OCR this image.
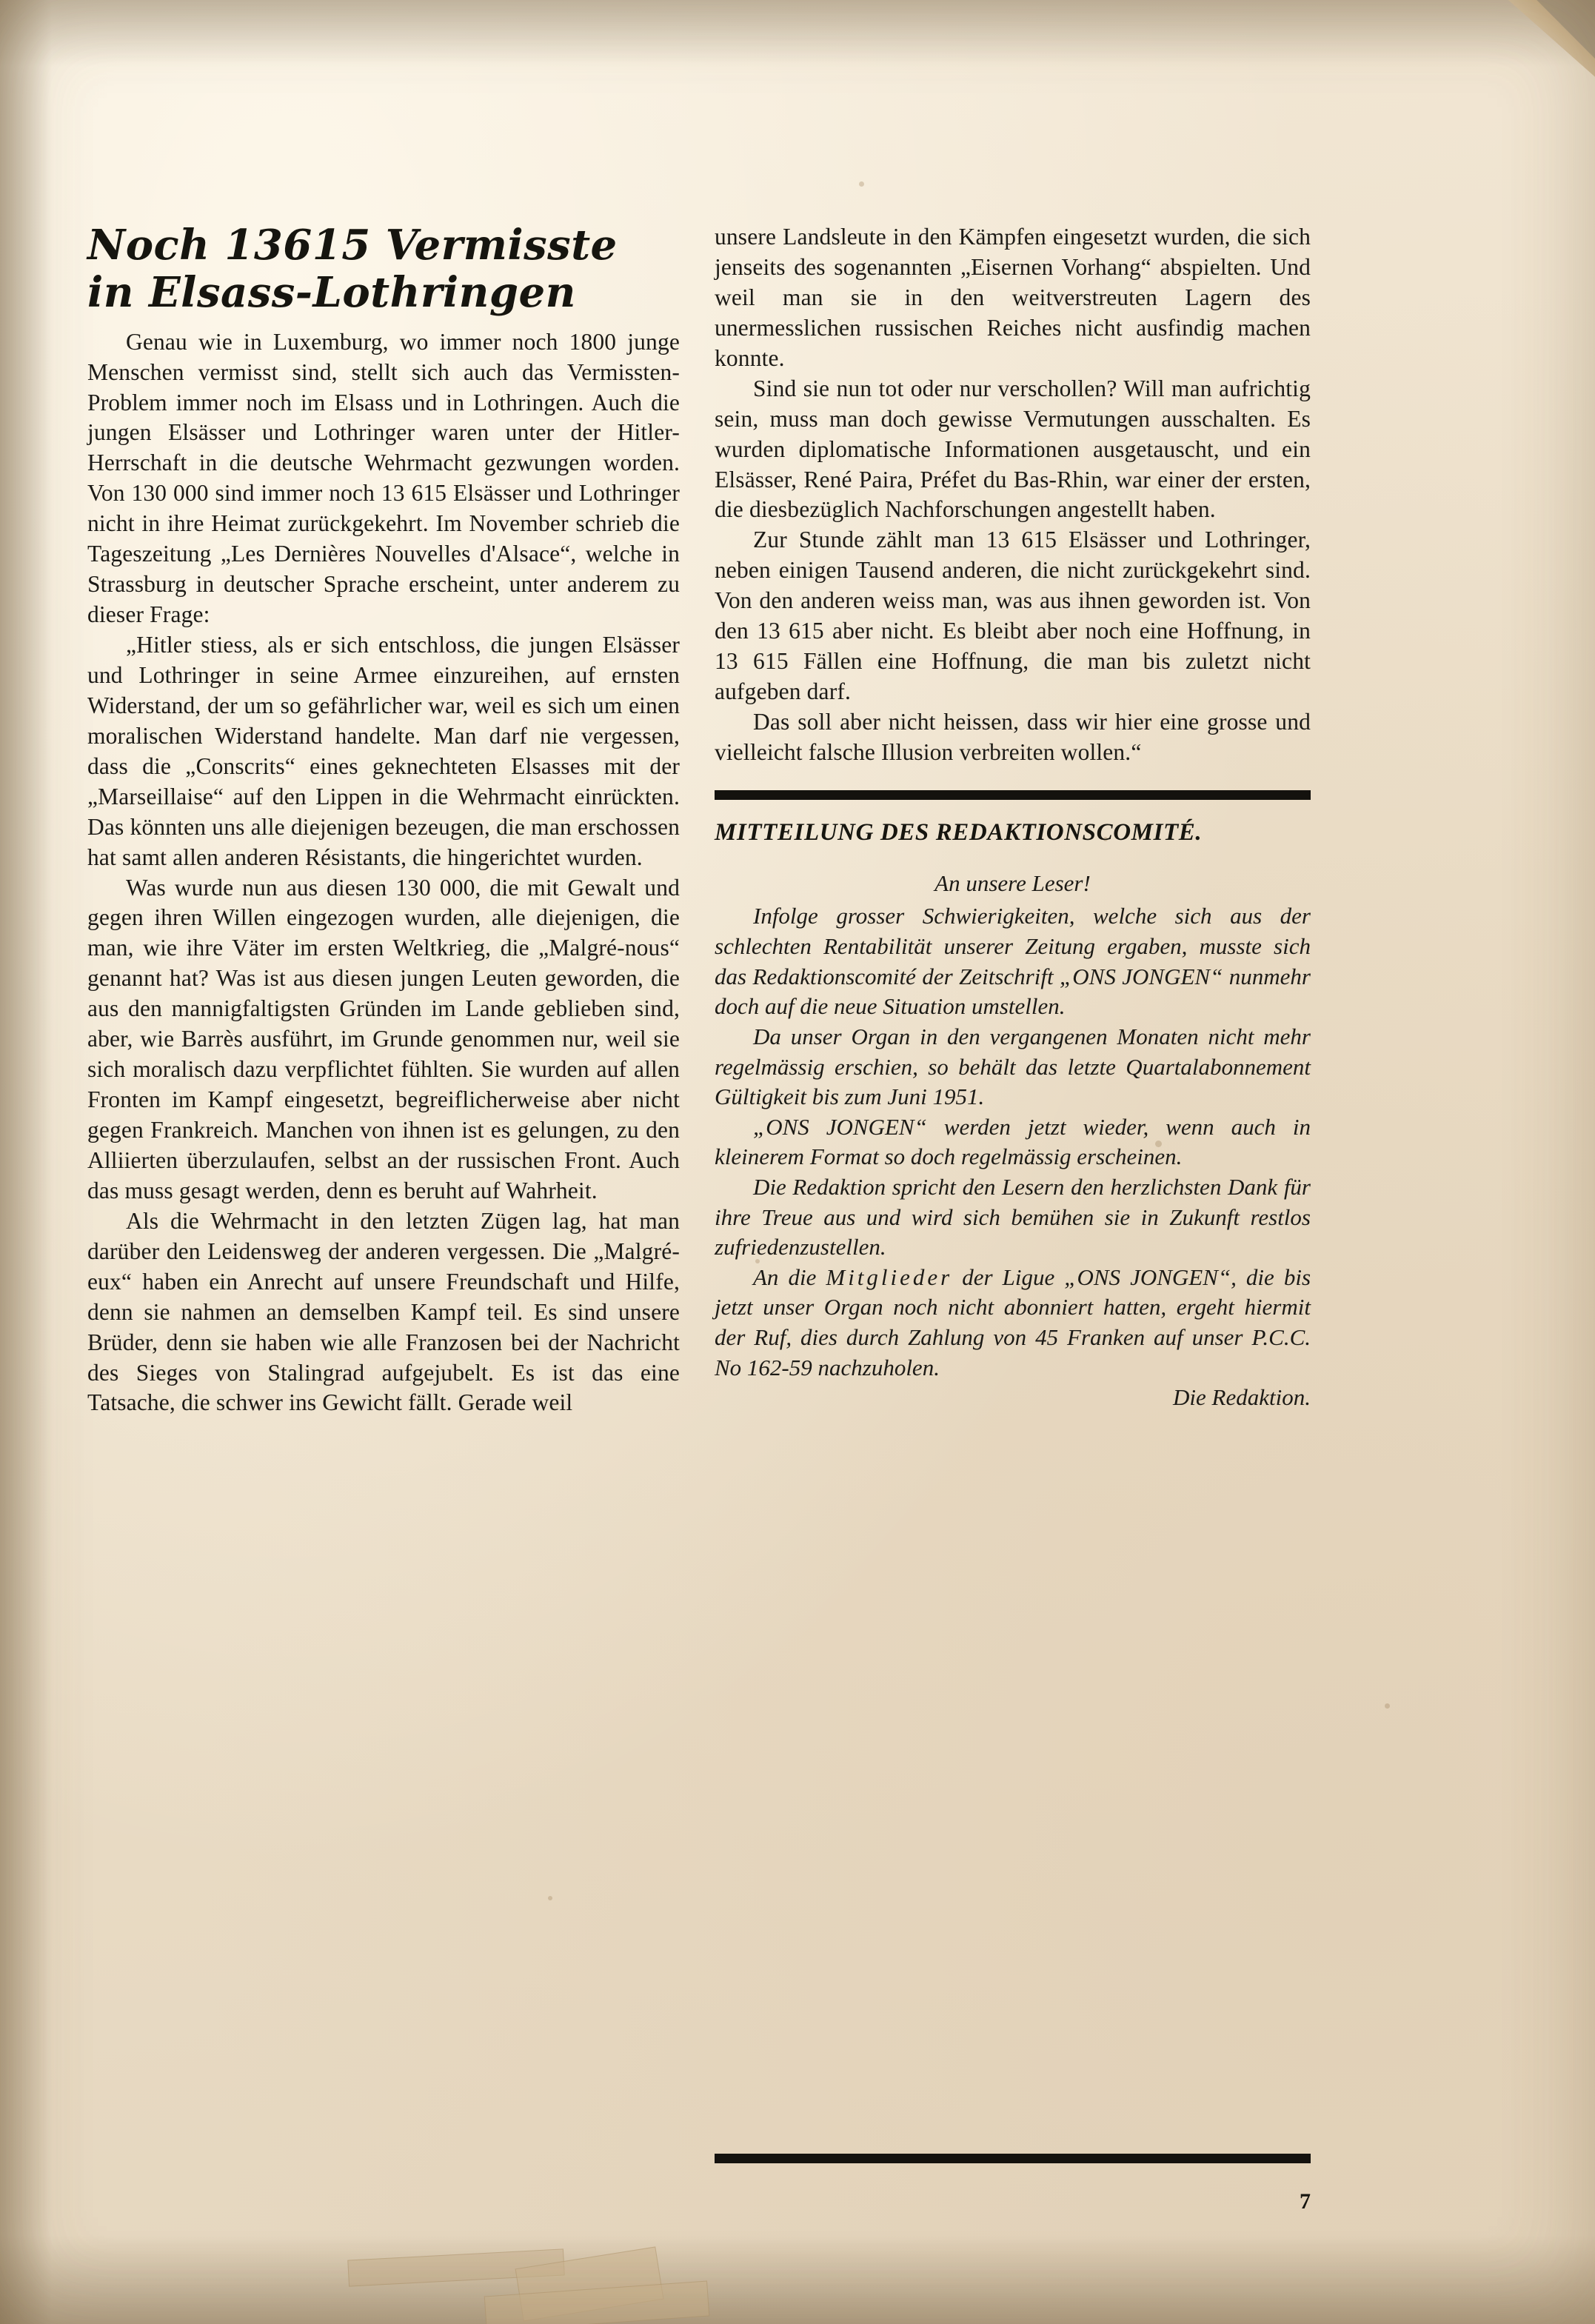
Noch 13615 Vermisste
in Elsass-Lothringen

Genau wie in Luxemburg, wo immer noch 1800 junge Menschen vermisst sind, stellt sich auch das Vermissten-Problem immer noch im Elsass und in Lothringen. Auch die jungen Elsässer und Lothringer waren unter der Hitler-Herrschaft in die deutsche Wehrmacht gezwungen worden. Von 130 000 sind immer noch 13 615 Elsässer und Lothringer nicht in ihre Heimat zurückgekehrt. Im November schrieb die Tageszeitung „Les Dernières Nouvelles d'Alsace“, welche in Strassburg in deutscher Sprache erscheint, unter anderem zu dieser Frage:

„Hitler stiess, als er sich entschloss, die jungen Elsässer und Lothringer in seine Armee einzureihen, auf ernsten Widerstand, der um so gefährlicher war, weil es sich um einen moralischen Widerstand handelte. Man darf nie vergessen, dass die „Conscrits“ eines geknechteten Elsasses mit der „Marseillaise“ auf den Lippen in die Wehrmacht einrückten. Das könnten uns alle diejenigen bezeugen, die man erschossen hat samt allen anderen Résistants, die hingerichtet wurden.

Was wurde nun aus diesen 130 000, die mit Gewalt und gegen ihren Willen eingezogen wurden, alle diejenigen, die man, wie ihre Väter im ersten Weltkrieg, die „Malgré-nous“ genannt hat? Was ist aus diesen jungen Leuten geworden, die aus den mannigfaltigsten Gründen im Lande geblieben sind, aber, wie Barrès ausführt, im Grunde genommen nur, weil sie sich moralisch dazu verpflichtet fühlten. Sie wurden auf allen Fronten im Kampf eingesetzt, begreiflicherweise aber nicht gegen Frankreich. Manchen von ihnen ist es gelungen, zu den Alliierten überzulaufen, selbst an der russischen Front. Auch das muss gesagt werden, denn es beruht auf Wahrheit.

Als die Wehrmacht in den letzten Zügen lag, hat man darüber den Leidensweg der anderen vergessen. Die „Malgré-eux“ haben ein Anrecht auf unsere Freundschaft und Hilfe, denn sie nahmen an demselben Kampf teil. Es sind unsere Brüder, denn sie haben wie alle Franzosen bei der Nachricht des Sieges von Stalingrad aufgejubelt. Es ist das eine Tatsache, die schwer ins Gewicht fällt. Gerade weil

unsere Landsleute in den Kämpfen eingesetzt wurden, die sich jenseits des sogenannten „Eisernen Vorhang“ abspielten. Und weil man sie in den weitverstreuten Lagern des unermesslichen russischen Reiches nicht ausfindig machen konnte.

Sind sie nun tot oder nur verschollen? Will man aufrichtig sein, muss man doch gewisse Vermutungen ausschalten. Es wurden diplomatische Informationen ausgetauscht, und ein Elsässer, René Paira, Préfet du Bas-Rhin, war einer der ersten, die diesbezüglich Nachforschungen angestellt haben.

Zur Stunde zählt man 13 615 Elsässer und Lothringer, neben einigen Tausend anderen, die nicht zurückgekehrt sind. Von den anderen weiss man, was aus ihnen geworden ist. Von den 13 615 aber nicht. Es bleibt aber noch eine Hoffnung, in 13 615 Fällen eine Hoffnung, die man bis zuletzt nicht aufgeben darf.

Das soll aber nicht heissen, dass wir hier eine grosse und vielleicht falsche Illusion verbreiten wollen.“

MITTEILUNG DES REDAKTIONSCOMITÉ.

An unsere Leser!

Infolge grosser Schwierigkeiten, welche sich aus der schlechten Rentabilität unserer Zeitung ergaben, musste sich das Redaktionscomité der Zeitschrift „ONS JONGEN“ nunmehr doch auf die neue Situation umstellen.

Da unser Organ in den vergangenen Monaten nicht mehr regelmässig erschien, so behält das letzte Quartalabonnement Gültigkeit bis zum Juni 1951.

„ONS JONGEN“ werden jetzt wieder, wenn auch in kleinerem Format so doch regelmässig erscheinen.

Die Redaktion spricht den Lesern den herzlichsten Dank für ihre Treue aus und wird sich bemühen sie in Zukunft restlos zufriedenzustellen.

An die Mitglieder der Ligue „ONS JONGEN“, die bis jetzt unser Organ noch nicht abonniert hatten, ergeht hiermit der Ruf, dies durch Zahlung von 45 Franken auf unser P.C.C. No 162-59 nachzuholen.

Die Redaktion.

7
